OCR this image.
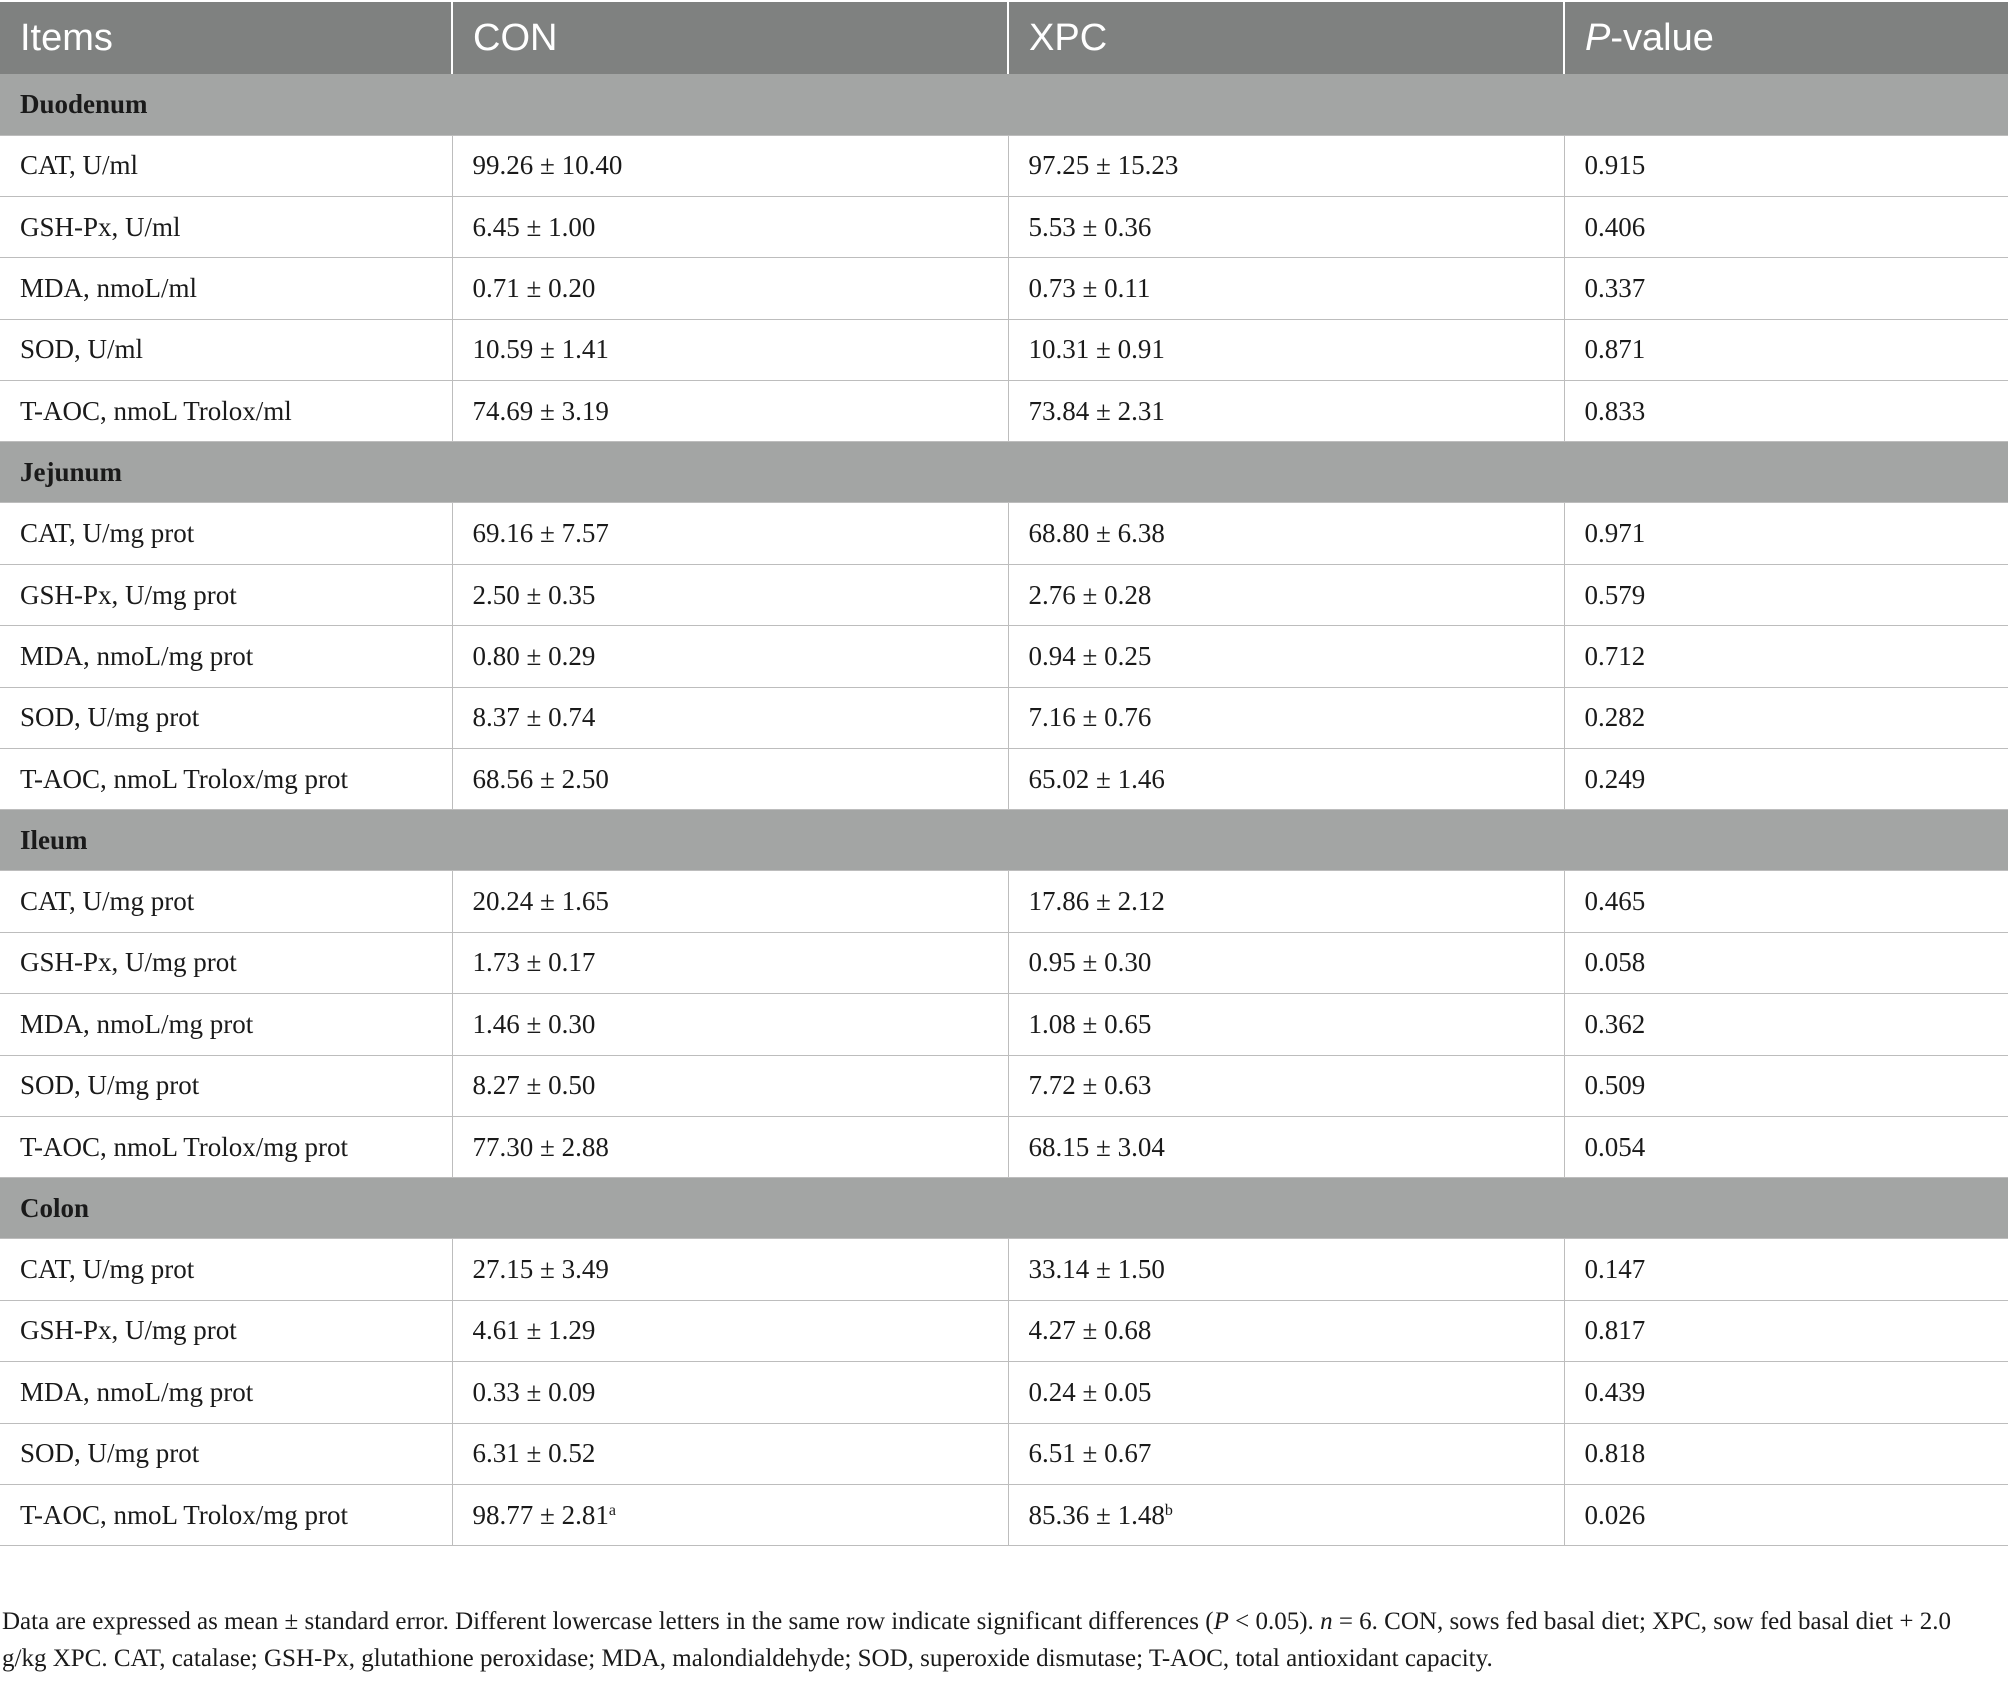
Items	CON	XPC	P-value
Duodenum			
CAT, U/ml	99.26 ± 10.40	97.25 ± 15.23	0.915
GSH-Px, U/ml	6.45 ± 1.00	5.53 ± 0.36	0.406
MDA, nmoL/ml	0.71 ± 0.20	0.73 ± 0.11	0.337
SOD, U/ml	10.59 ± 1.41	10.31 ± 0.91	0.871
T-AOC, nmoL Trolox/ml	74.69 ± 3.19	73.84 ± 2.31	0.833
Jejunum			
CAT, U/mg prot	69.16 ± 7.57	68.80 ± 6.38	0.971
GSH-Px, U/mg prot	2.50 ± 0.35	2.76 ± 0.28	0.579
MDA, nmoL/mg prot	0.80 ± 0.29	0.94 ± 0.25	0.712
SOD, U/mg prot	8.37 ± 0.74	7.16 ± 0.76	0.282
T-AOC, nmoL Trolox/mg prot	68.56 ± 2.50	65.02 ± 1.46	0.249
Ileum			
CAT, U/mg prot	20.24 ± 1.65	17.86 ± 2.12	0.465
GSH-Px, U/mg prot	1.73 ± 0.17	0.95 ± 0.30	0.058
MDA, nmoL/mg prot	1.46 ± 0.30	1.08 ± 0.65	0.362
SOD, U/mg prot	8.27 ± 0.50	7.72 ± 0.63	0.509
T-AOC, nmoL Trolox/mg prot	77.30 ± 2.88	68.15 ± 3.04	0.054
Colon			
CAT, U/mg prot	27.15 ± 3.49	33.14 ± 1.50	0.147
GSH-Px, U/mg prot	4.61 ± 1.29	4.27 ± 0.68	0.817
MDA, nmoL/mg prot	0.33 ± 0.09	0.24 ± 0.05	0.439
SOD, U/mg prot	6.31 ± 0.52	6.51 ± 0.67	0.818
T-AOC, nmoL Trolox/mg prot	98.77 ± 2.81$^a$	85.36 ± 1.48$^b$	0.026

Data are expressed as mean ± standard error. Different lowercase letters in the same row indicate significant differences (P < 0.05). n = 6. CON, sows fed basal diet; XPC, sow fed basal diet + 2.0 g/kg XPC. CAT, catalase; GSH-Px, glutathione peroxidase; MDA, malondialdehyde; SOD, superoxide dismutase; T-AOC, total antioxidant capacity.
